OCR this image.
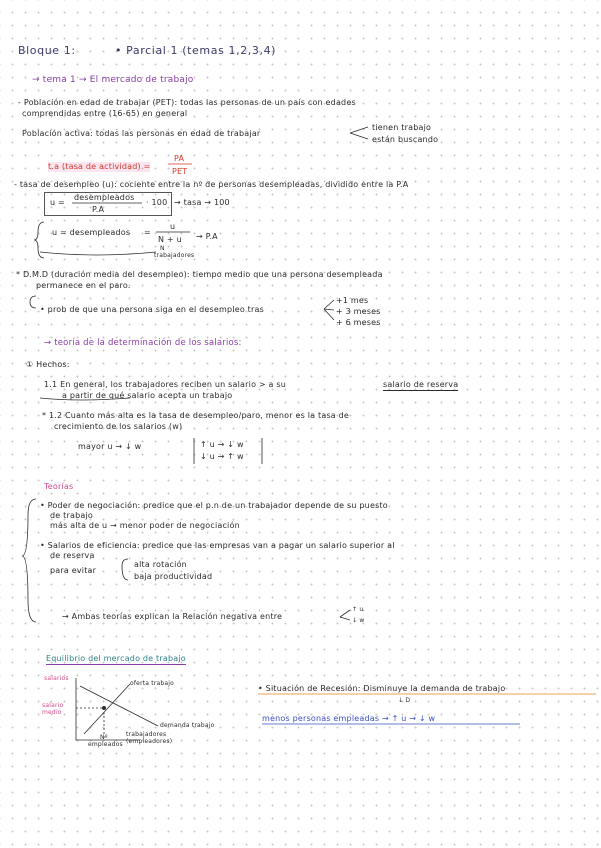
Bloque 1:	• Parcial 1 (temas 1,2,3,4)
→ tema 1 → El mercado de trabajo
- Población en edad de trabajar (PET): todas las personas de un país con edades
comprendidas entre (16-65) en general
Población activa: todas las personas en edad de trabajar
tienen trabajo
están buscando
t.a (tasa de actividad) =
PA
PET
- tasa de desempleo (u): cociente entre la nº de personas desempleadas, dividido entre la P.A
u =
desempleados
P.A
· 100 → tasa → 100
u = desempleados =
u
N + u → P.A
N
trabajadores
* D.M.D (duración media del desempleo): tiempo medio que una persona desempleada
permanece en el paro.
• prob de que una persona siga en el desempleo tras
+1 mes
+ 3 meses
+ 6 meses
→ teoría de la determinación de los salarios:
① Hechos:
1.1 En general, los trabajadores reciben un salario > a su	salario de reserva
a partir de qué salario acepta un trabajo
* 1.2 Cuanto más alta es la tasa de desempleo/paro, menor es la tasa de
crecimiento de los salarios (w)
mayor u → ↓ w	↑ u → ↓ w
↓ u → ↑ w
Teorías
• Poder de negociación: predice que el p.n de un trabajador depende de su puesto
de trabajo
más alta de u → menor poder de negociación
• Salarios de eficiencia: predice que las empresas van a pagar un salario superior al
de reserva
para evitar
alta rotación
baja productividad
→ Ambas teorías explican la Relación negativa entre
↑ u
↓ w
Equilibrio del mercado de trabajo
salarios
salario medio
oferta trabajo
demanda trabajo
trabajadores
(empleadores)
Nº
empleados
• Situación de Recesión: Disminuye la demanda de trabajo
↓ D
menos personas empleadas → ↑ u → ↓ w
